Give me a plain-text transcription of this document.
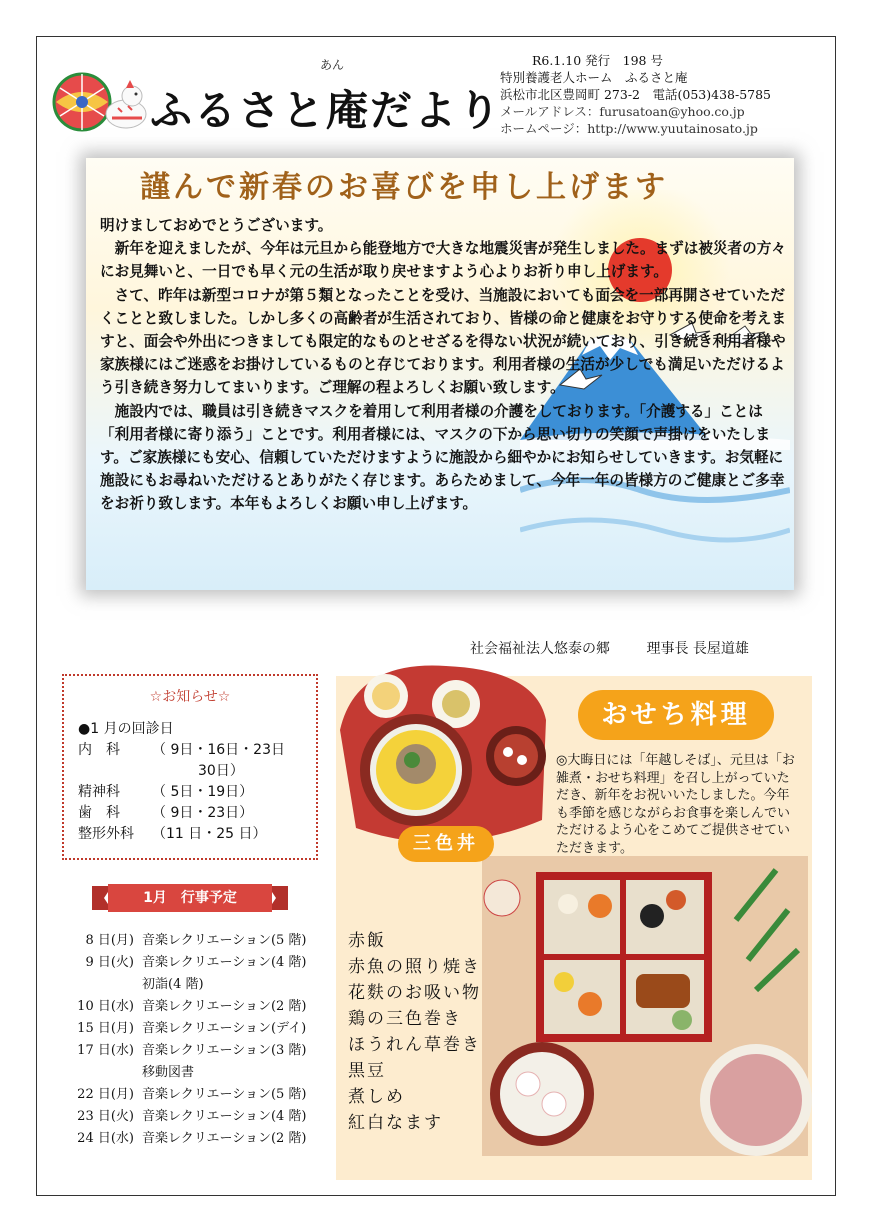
あん
ふるさと庵だより
R6.1.10 発行　198 号
特別養護老人ホーム　ふるさと庵
浜松市北区豊岡町 273-2　電話(053)438-5785
メールアドレス：furusatoan@yhoo.co.jp
ホームページ：http://www.yuutainosato.jp
謹んで新春のお喜びを申し上げます

明けましておめでとうございます。

　新年を迎えましたが、今年は元旦から能登地方で大きな地震災害が発生しました。まずは被災者の方々にお見舞いと、一日でも早く元の生活が取り戻せますよう心よりお祈り申し上げます。

　さて、昨年は新型コロナが第５類となったことを受け、当施設においても面会を一部再開させていただくことと致しました。しかし多くの高齢者が生活されており、皆様の命と健康をお守りする使命を考えますと、面会や外出につきましても限定的なものとせざるを得ない状況が続いており、引き続き利用者様や家族様にはご迷惑をお掛けしているものと存じております。利用者様の生活が少しでも満足いただけるよう引き続き努力してまいります。ご理解の程よろしくお願い致します。

　施設内では、職員は引き続きマスクを着用して利用者様の介護をしております。「介護する」ことは「利用者様に寄り添う」ことです。利用者様には、マスクの下から思い切りの笑顔で声掛けをいたします。ご家族様にも安心、信頼していただけますように施設から細やかにお知らせしていきます。お気軽に施設にもお尋ねいただけるとありがたく存じます。あらためまして、今年一年の皆様方のご健康とご多幸をお祈り致します。本年もよろしくお願い申し上げます。

社会福祉法人悠泰の郷	理事長 長屋道雄
☆お知らせ☆
●1 月の回診日
内　科	（ 9日・16日・23日
30日）
精神科	（ 5日・19日）
歯　科	（ 9日・23日）
整形外科	（11 日・25 日）
1月　行事予定
8 日(月) 音楽レクリエーション(5 階)
9 日(火) 音楽レクリエーション(4 階)
初詣(4 階)
10 日(水) 音楽レクリエーション(2 階)
15 日(月) 音楽レクリエーション(デイ)
17 日(水) 音楽レクリエーション(3 階)
移動図書
22 日(月) 音楽レクリエーション(5 階)
23 日(火) 音楽レクリエーション(4 階)
24 日(水) 音楽レクリエーション(2 階)
おせち料理
◎大晦日には「年越しそば」、元旦は「お雑煮・おせち料理」を召し上がっていただき、新年をお祝いいたしました。今年も季節を感じながらお食事を楽しんでいただけるよう心をこめてご提供させていただきます。
三色丼
赤飯
赤魚の照り焼き
花麩のお吸い物
鶏の三色巻き
ほうれん草巻き
黒豆
煮しめ
紅白なます
